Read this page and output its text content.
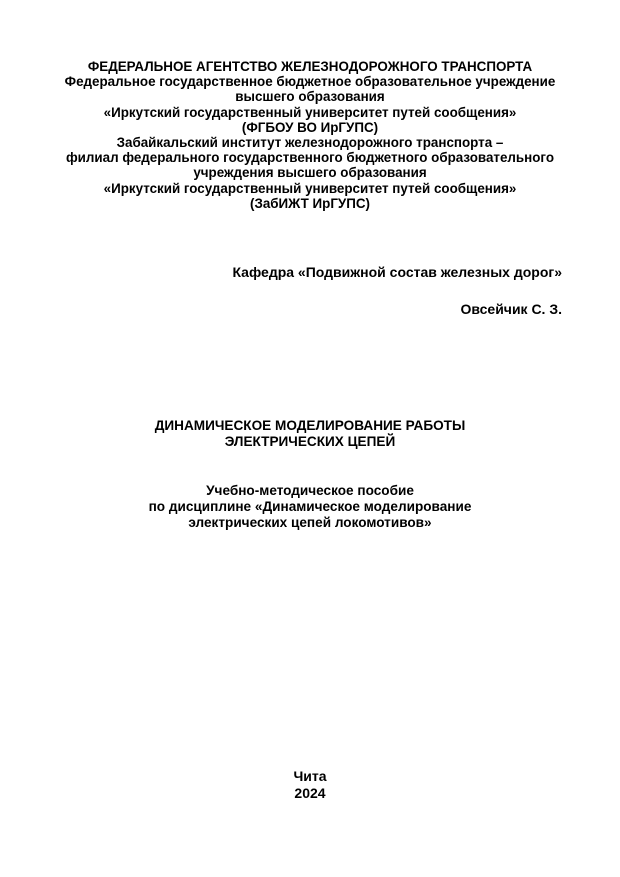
ФЕДЕРАЛЬНОЕ АГЕНТСТВО ЖЕЛЕЗНОДОРОЖНОГО ТРАНСПОРТА
Федеральное государственное бюджетное образовательное учреждение
высшего образования
«Иркутский государственный университет путей сообщения»
(ФГБОУ ВО ИрГУПС)
Забайкальский институт железнодорожного транспорта –
филиал федерального государственного бюджетного образовательного
учреждения высшего образования
«Иркутский государственный университет путей сообщения»
(ЗабИЖТ ИрГУПС)
Кафедра «Подвижной состав железных дорог»
Овсейчик С. З.
ДИНАМИЧЕСКОЕ МОДЕЛИРОВАНИЕ РАБОТЫ
ЭЛЕКТРИЧЕСКИХ ЦЕПЕЙ
Учебно-методическое пособие
по дисциплине «Динамическое моделирование
электрических цепей локомотивов»
Чита
2024
